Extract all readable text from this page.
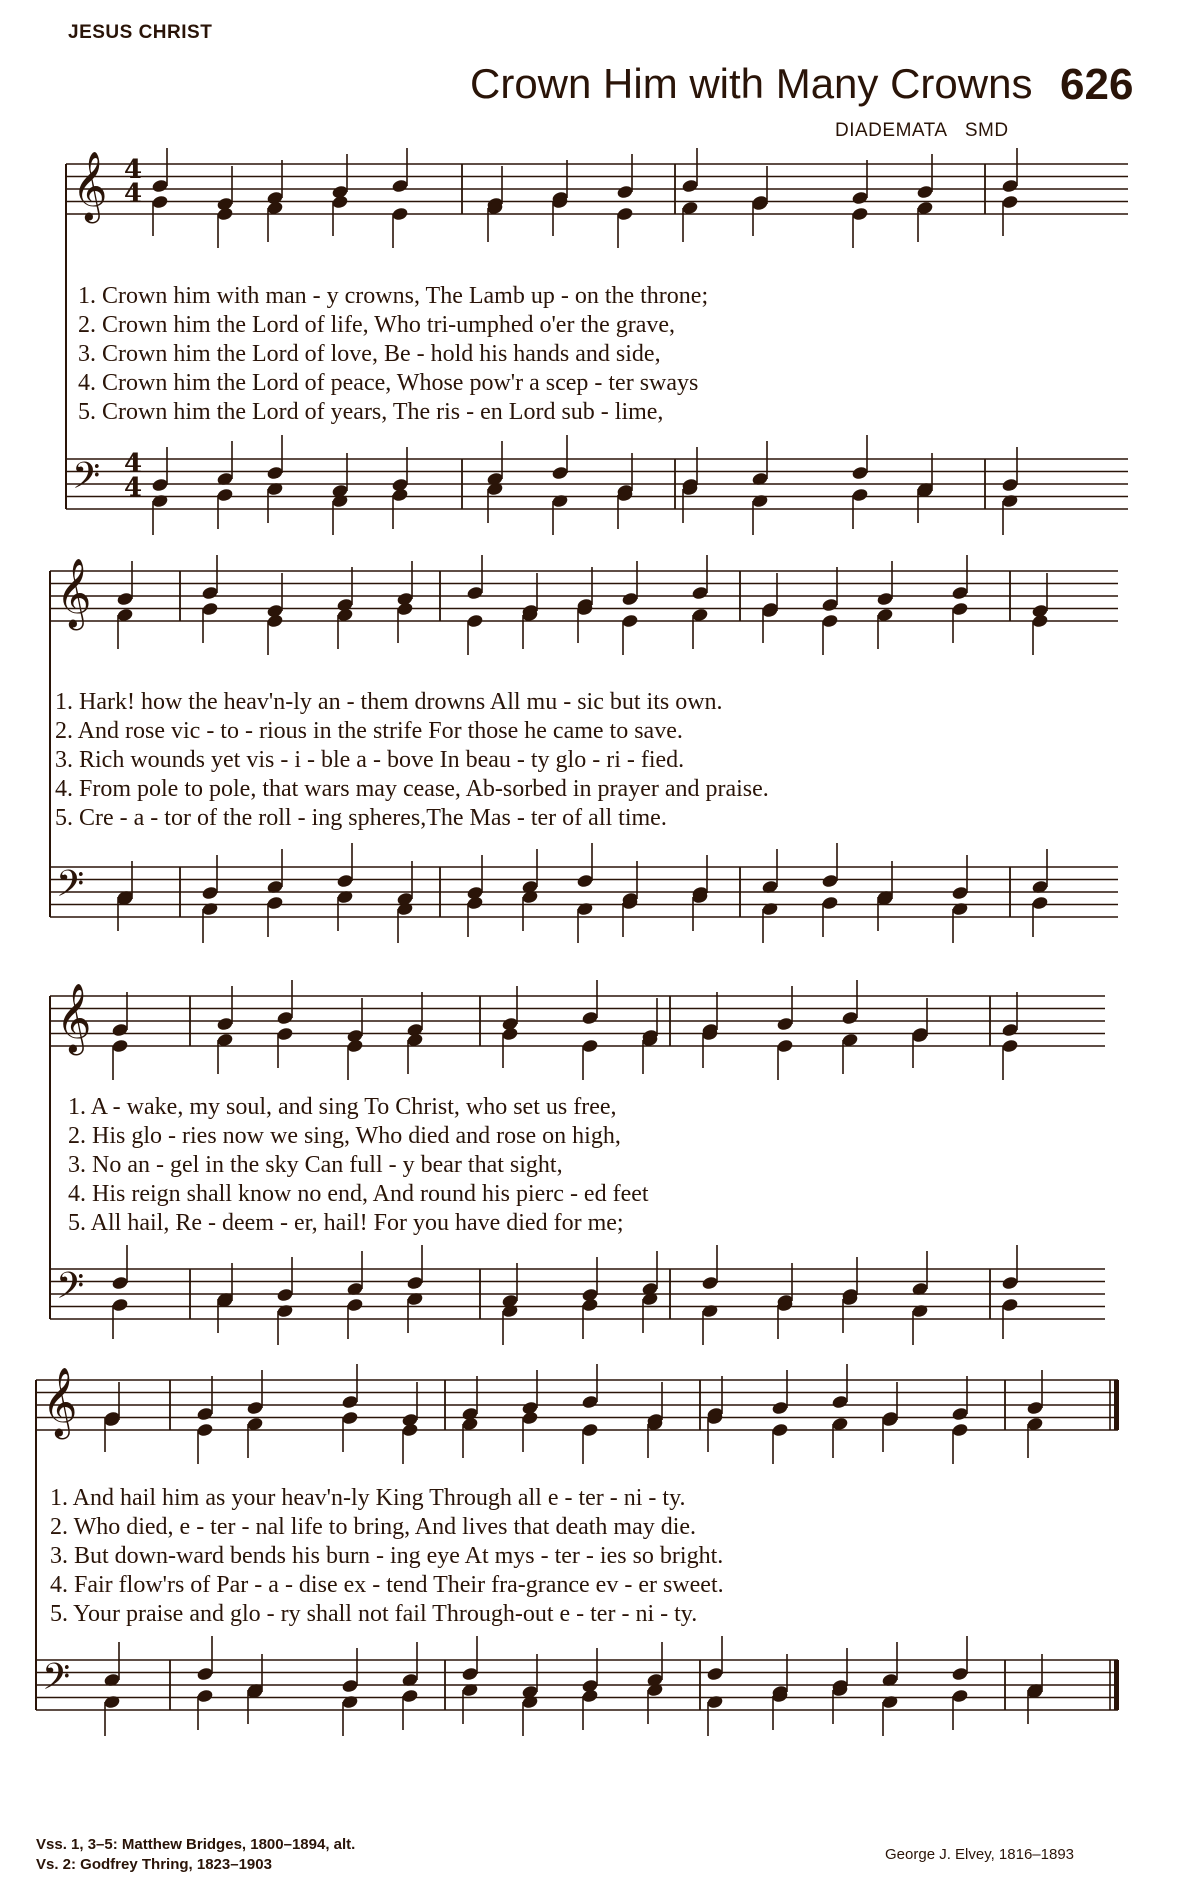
JESUS CHRIST
Crown Him with Many Crowns 626
DIADEMATA SMD
4
4
4
4
𝄞
𝄢
𝄞
𝄢
𝄞
𝄢
𝄞
𝄢
1. Crown him with man - y crowns, The Lamb up - on the throne;
2. Crown him the Lord of life, Who tri-umphed o'er the grave,
3. Crown him the Lord of love, Be - hold his hands and side,
4. Crown him the Lord of peace, Whose pow'r a scep - ter sways
5. Crown him the Lord of years, The ris - en Lord sub - lime,
1. Hark! how the heav'n-ly an - them drowns All mu - sic but its own.
2. And rose vic - to - rious in the strife For those he came to save.
3. Rich wounds yet vis - i - ble a - bove In beau - ty glo - ri - fied.
4. From pole to pole, that wars may cease, Ab-sorbed in prayer and praise.
5. Cre - a - tor of the roll - ing spheres,The Mas - ter of all time.
1. A - wake, my soul, and sing To Christ, who set us free,
2. His glo - ries now we sing, Who died and rose on high,
3. No an - gel in the sky Can full - y bear that sight,
4. His reign shall know no end, And round his pierc - ed feet
5. All hail, Re - deem - er, hail! For you have died for me;
1. And hail him as your heav'n-ly King Through all e - ter - ni - ty.
2. Who died, e - ter - nal life to bring, And lives that death may die.
3. But down-ward bends his burn - ing eye At mys - ter - ies so bright.
4. Fair flow'rs of Par - a - dise ex - tend Their fra-grance ev - er sweet.
5. Your praise and glo - ry shall not fail Through-out e - ter - ni - ty.
Vss. 1, 3–5: Matthew Bridges, 1800–1894, alt.
Vs. 2: Godfrey Thring, 1823–1903
George J. Elvey, 1816–1893
